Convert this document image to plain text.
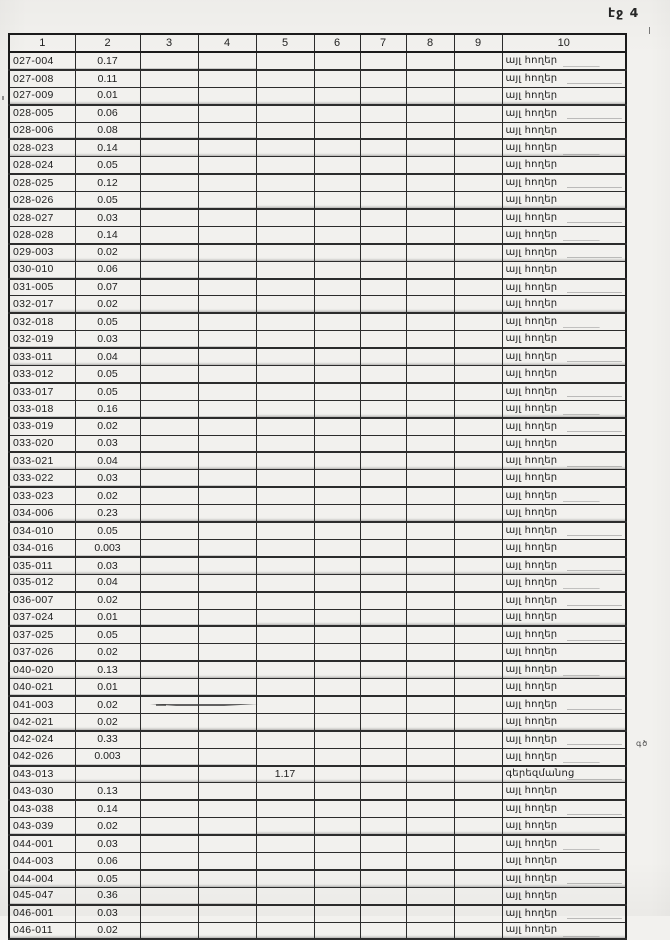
էջ 4
1	2	3	4	5	6	7	8	9	10
027-004	0.17								այլ հողեր
027-008	0.11								այլ հողեր
027-009	0.01								այլ հողեր
028-005	0.06								այլ հողեր
028-006	0.08								այլ հողեր
028-023	0.14								այլ հողեր
028-024	0.05								այլ հողեր
028-025	0.12								այլ հողեր
028-026	0.05								այլ հողեր
028-027	0.03								այլ հողեր
028-028	0.14								այլ հողեր
029-003	0.02								այլ հողեր
030-010	0.06								այլ հողեր
031-005	0.07								այլ հողեր
032-017	0.02								այլ հողեր
032-018	0.05								այլ հողեր
032-019	0.03								այլ հողեր
033-011	0.04								այլ հողեր
033-012	0.05								այլ հողեր
033-017	0.05								այլ հողեր
033-018	0.16								այլ հողեր
033-019	0.02								այլ հողեր
033-020	0.03								այլ հողեր
033-021	0.04								այլ հողեր
033-022	0.03								այլ հողեր
033-023	0.02								այլ հողեր
034-006	0.23								այլ հողեր
034-010	0.05								այլ հողեր
034-016	0.003								այլ հողեր
035-011	0.03								այլ հողեր
035-012	0.04								այլ հողեր
036-007	0.02								այլ հողեր
037-024	0.01								այլ հողեր
037-025	0.05								այլ հողեր
037-026	0.02								այլ հողեր
040-020	0.13								այլ հողեր
040-021	0.01								այլ հողեր
041-003	0.02								այլ հողեր
042-021	0.02								այլ հողեր
042-024	0.33								այլ հողեր
042-026	0.003								այլ հողեր
043-013				1.17					գերեզմանոց
043-030	0.13								այլ հողեր
043-038	0.14								այլ հողեր
043-039	0.02								այլ հողեր
044-001	0.03								այլ հողեր
044-003	0.06								այլ հողեր
044-004	0.05								այլ հողեր
045-047	0.36								այլ հողեր
046-001	0.03								այլ հողեր
046-011	0.02								այլ հողեր
գծ
